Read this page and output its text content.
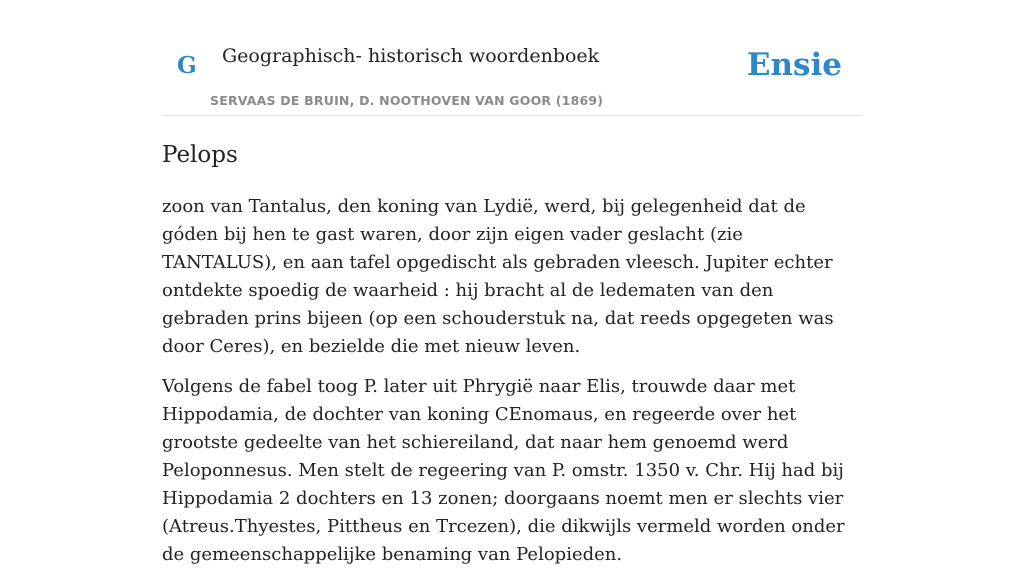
G Geographisch- historisch woordenboek
SERVAAS DE BRUIN, D. NOOTHOVEN VAN GOOR (1869)
Ensie
Pelops

zoon van Tantalus, den koning van Lydië, werd, bij gelegenheid dat de góden bij hen te gast waren, door zijn eigen vader geslacht (zie TANTALUS), en aan tafel opgedischt als gebraden vleesch. Jupiter echter ontdekte spoedig de waarheid : hij bracht al de ledematen van den gebraden prins bijeen (op een schouderstuk na, dat reeds opgegeten was door Ceres), en bezielde die met nieuw leven.

Volgens de fabel toog P. later uit Phrygië naar Elis, trouwde daar met Hippodamia, de dochter van koning CEnomaus, en regeerde over het grootste gedeelte van het schiereiland, dat naar hem genoemd werd Peloponnesus. Men stelt de regeering van P. omstr. 1350 v. Chr. Hij had bij Hippodamia 2 dochters en 13 zonen; doorgaans noemt men er slechts vier (Atreus.Thyestes, Pittheus en Trcezen), die dikwijls vermeld worden onder de gemeenschappelijke benaming van Pelopieden.
